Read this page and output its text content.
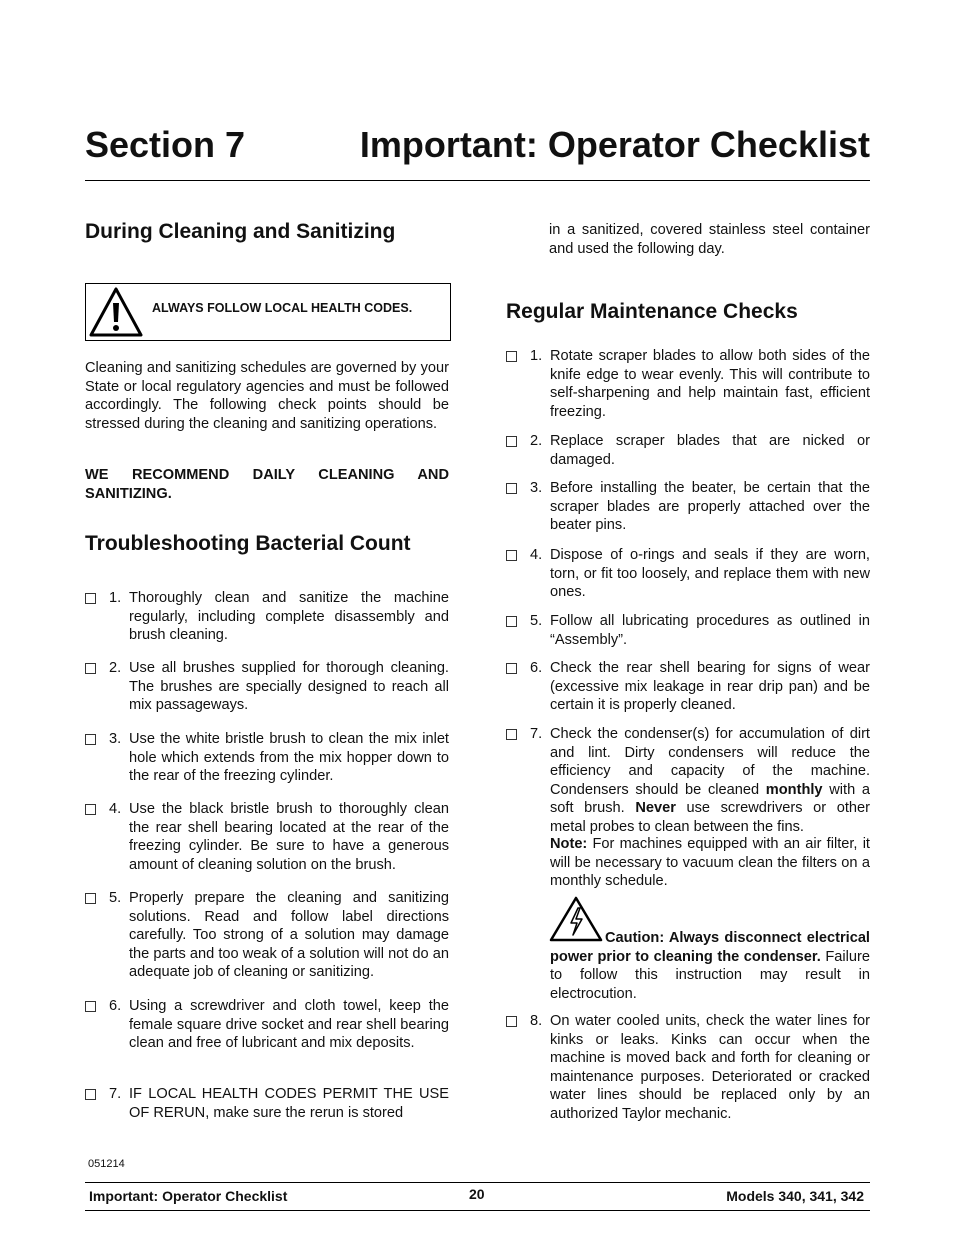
Section 7	Important: Operator Checklist
During Cleaning and Sanitizing
ALWAYS FOLLOW LOCAL HEALTH CODES.

Cleaning and sanitizing schedules are governed by your State or local regulatory agencies and must be followed accordingly. The following check points should be stressed during the cleaning and sanitizing operations.

WE RECOMMEND DAILY CLEANING AND SANITIZING.

Troubleshooting Bacterial Count
1. Thoroughly clean and sanitize the machine regularly, including complete disassembly and brush cleaning.
2. Use all brushes supplied for thorough cleaning. The brushes are specially designed to reach all mix passageways.
3. Use the white bristle brush to clean the mix inlet hole which extends from the mix hopper down to the rear of the freezing cylinder.
4. Use the black bristle brush to thoroughly clean the rear shell bearing located at the rear of the freezing cylinder. Be sure to have a generous amount of cleaning solution on the brush.
5. Properly prepare the cleaning and sanitizing solutions. Read and follow label directions carefully. Too strong of a solution may damage the parts and too weak of a solution will not do an adequate job of cleaning or sanitizing.
6. Using a screwdriver and cloth towel, keep the female square drive socket and rear shell bearing clean and free of lubricant and mix deposits.
7. IF LOCAL HEALTH CODES PERMIT THE USE OF RERUN, make sure the rerun is stored

in a sanitized, covered stainless steel container and used the following day.

Regular Maintenance Checks
1. Rotate scraper blades to allow both sides of the knife edge to wear evenly. This will contribute to self-sharpening and help maintain fast, efficient freezing.
2. Replace scraper blades that are nicked or damaged.
3. Before installing the beater, be certain that the scraper blades are properly attached over the beater pins.
4. Dispose of o-rings and seals if they are worn, torn, or fit too loosely, and replace them with new ones.
5. Follow all lubricating procedures as outlined in “Assembly”.
6. Check the rear shell bearing for signs of wear (excessive mix leakage in rear drip pan) and be certain it is properly cleaned.
7. Check the condenser(s) for accumulation of dirt and lint. Dirty condensers will reduce the efficiency and capacity of the machine. Condensers should be cleaned monthly with a soft brush. Never use screwdrivers or other metal probes to clean between the fins.

Note: For machines equipped with an air filter, it will be necessary to vacuum clean the filters on a monthly schedule.

Caution: Always disconnect electrical power prior to cleaning the condenser. Failure to follow this instruction may result in electrocution.

8. On water cooled units, check the water lines for kinks or leaks. Kinks can occur when the machine is moved back and forth for cleaning or maintenance purposes. Deteriorated or cracked water lines should be replaced only by an authorized Taylor mechanic.
051214
Important: Operator Checklist	20	Models 340, 341, 342
